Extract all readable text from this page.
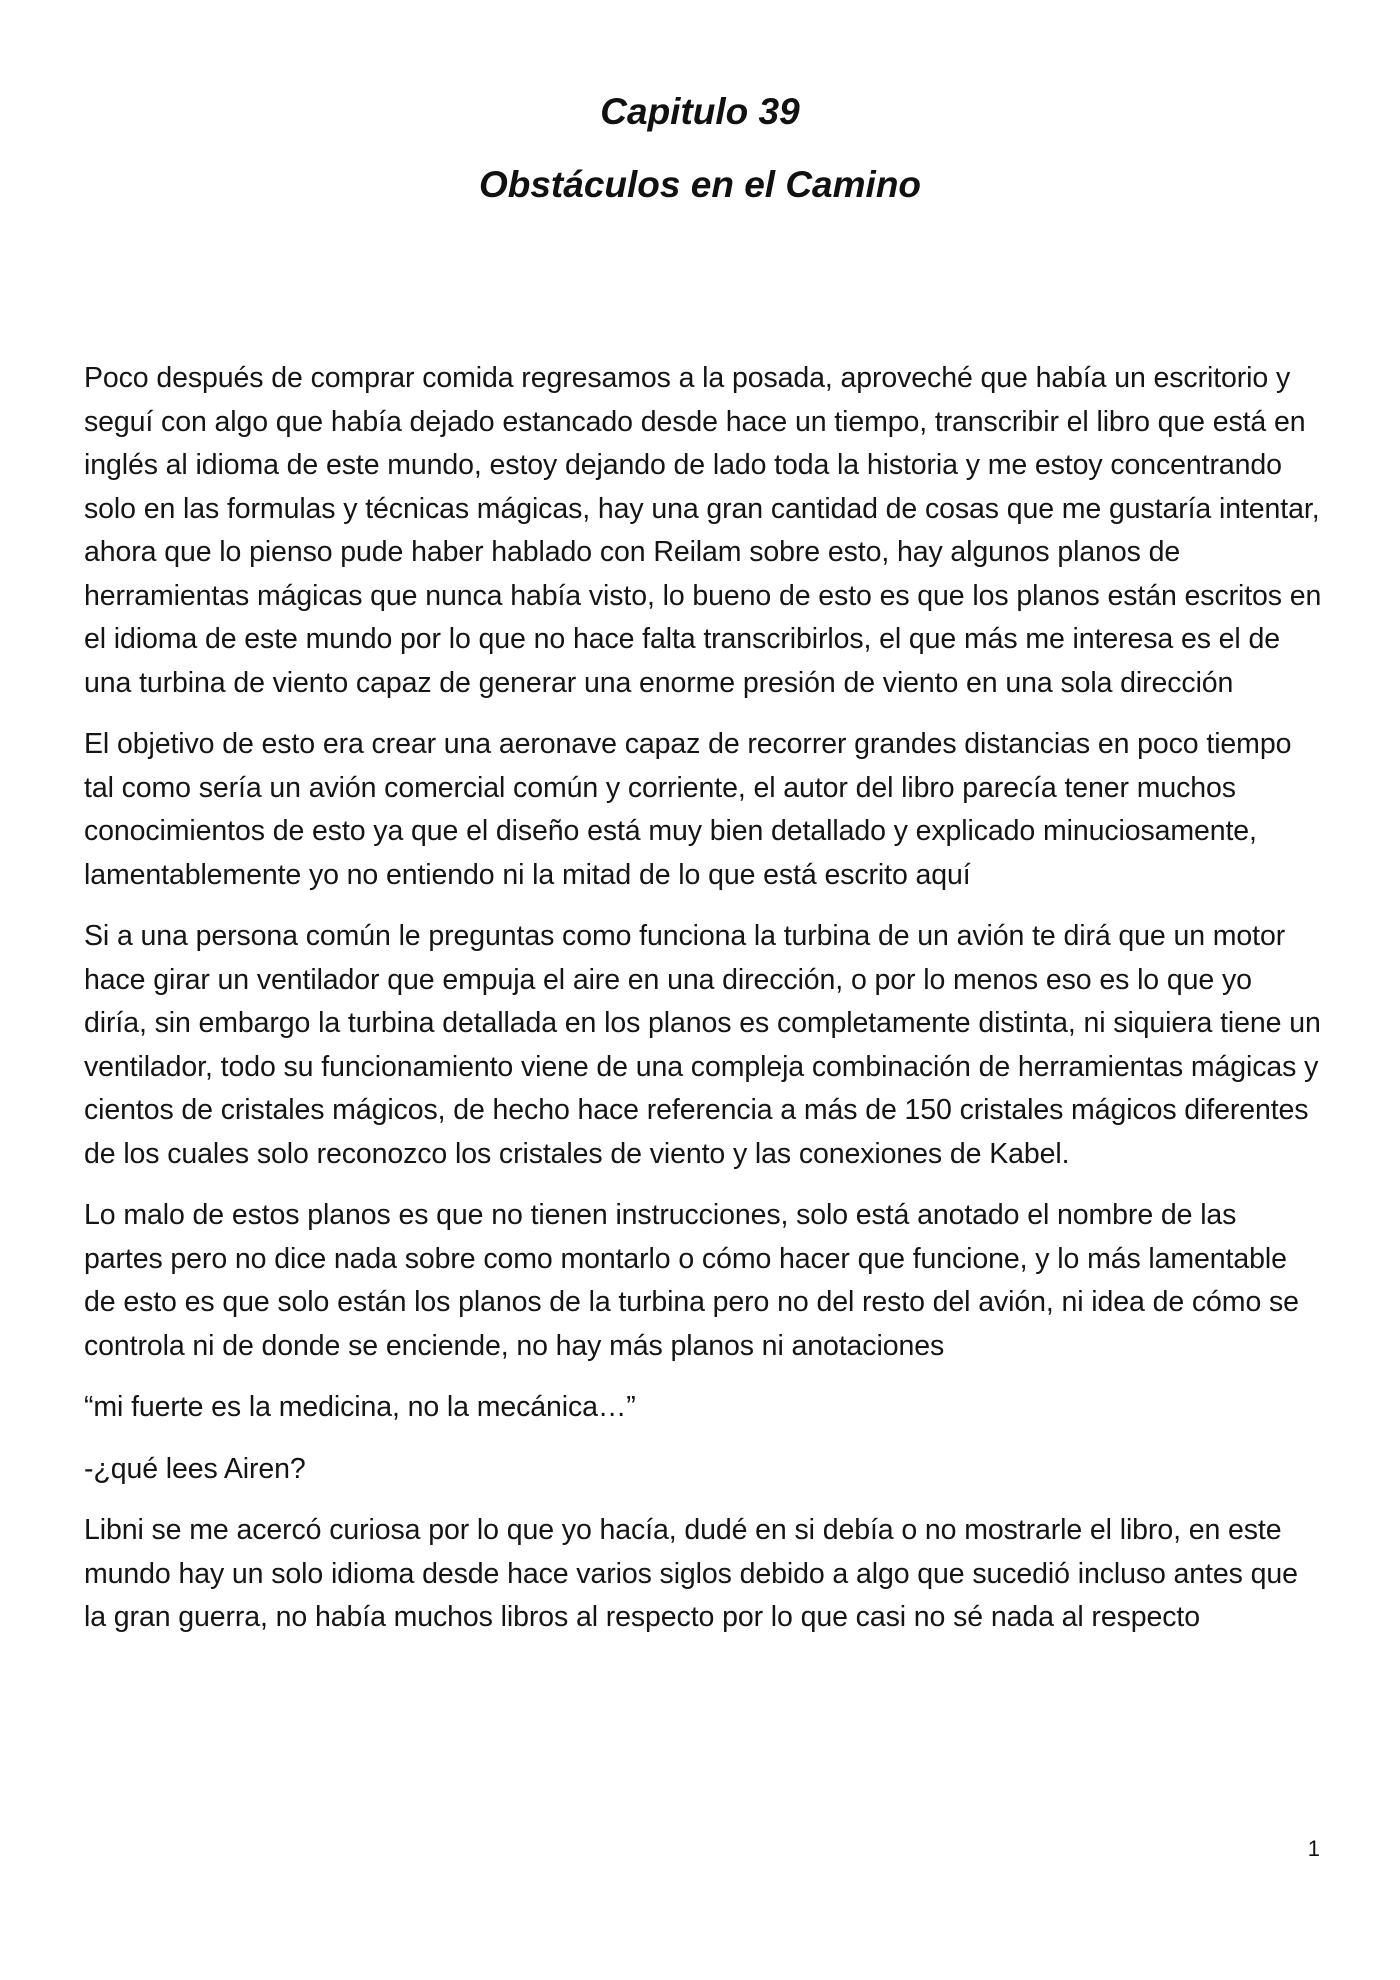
Capitulo 39
Obstáculos en el Camino

Poco después de comprar comida regresamos a la posada, aproveché que había un escritorio y seguí con algo que había dejado estancado desde hace un tiempo, transcribir el libro que está en inglés al idioma de este mundo, estoy dejando de lado toda la historia y me estoy concentrando solo en las formulas y técnicas mágicas, hay una gran cantidad de cosas que me gustaría intentar, ahora que lo pienso pude haber hablado con Reilam sobre esto, hay algunos planos de herramientas mágicas que nunca había visto, lo bueno de esto es que los planos están escritos en el idioma de este mundo por lo que no hace falta transcribirlos, el que más me interesa es el de una turbina de viento capaz de generar una enorme presión de viento en una sola dirección

El objetivo de esto era crear una aeronave capaz de recorrer grandes distancias en poco tiempo tal como sería un avión comercial común y corriente, el autor del libro parecía tener muchos conocimientos de esto ya que el diseño está muy bien detallado y explicado minuciosamente, lamentablemente yo no entiendo ni la mitad de lo que está escrito aquí

Si a una persona común le preguntas como funciona la turbina de un avión te dirá que un motor hace girar un ventilador que empuja el aire en una dirección, o por lo menos eso es lo que yo diría, sin embargo la turbina detallada en los planos es completamente distinta, ni siquiera tiene un ventilador, todo su funcionamiento viene de una compleja combinación de herramientas mágicas y cientos de cristales mágicos, de hecho hace referencia a más de 150 cristales mágicos diferentes de los cuales solo reconozco los cristales de viento y las conexiones de Kabel.

Lo malo de estos planos es que no tienen instrucciones, solo está anotado el nombre de las partes pero no dice nada sobre como montarlo o cómo hacer que funcione, y lo más lamentable de esto es que solo están los planos de la turbina pero no del resto del avión, ni idea de cómo se controla ni de donde se enciende, no hay más planos ni anotaciones

“mi fuerte es la medicina, no la mecánica…”

-¿qué lees Airen?

Libni se me acercó curiosa por lo que yo hacía, dudé en si debía o no mostrarle el libro, en este mundo hay un solo idioma desde hace varios siglos debido a algo que sucedió incluso antes que la gran guerra, no había muchos libros al respecto por lo que casi no sé nada al respecto

1
